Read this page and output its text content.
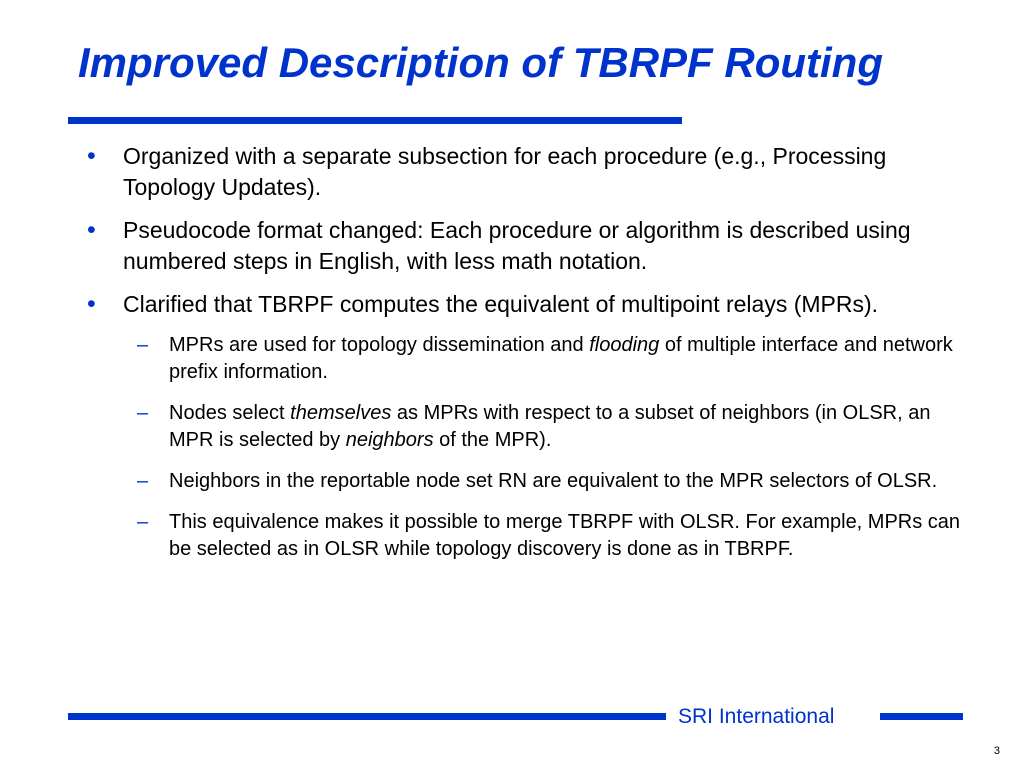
Improved Description of TBRPF Routing
• Organized with a separate subsection for each procedure (e.g., Processing Topology Updates).
• Pseudocode format changed: Each procedure or algorithm is described using numbered steps in English, with less math notation.
• Clarified that TBRPF computes the equivalent of multipoint relays (MPRs).
– MPRs are used for topology dissemination and flooding of multiple interface and network prefix information.
– Nodes select themselves as MPRs with respect to a subset of neighbors (in OLSR, an MPR is selected by neighbors of the MPR).
– Neighbors in the reportable node set RN are equivalent to the MPR selectors of OLSR.
– This equivalence makes it possible to merge TBRPF with OLSR. For example, MPRs can be selected as in OLSR while topology discovery is done as in TBRPF.
SRI International
3
